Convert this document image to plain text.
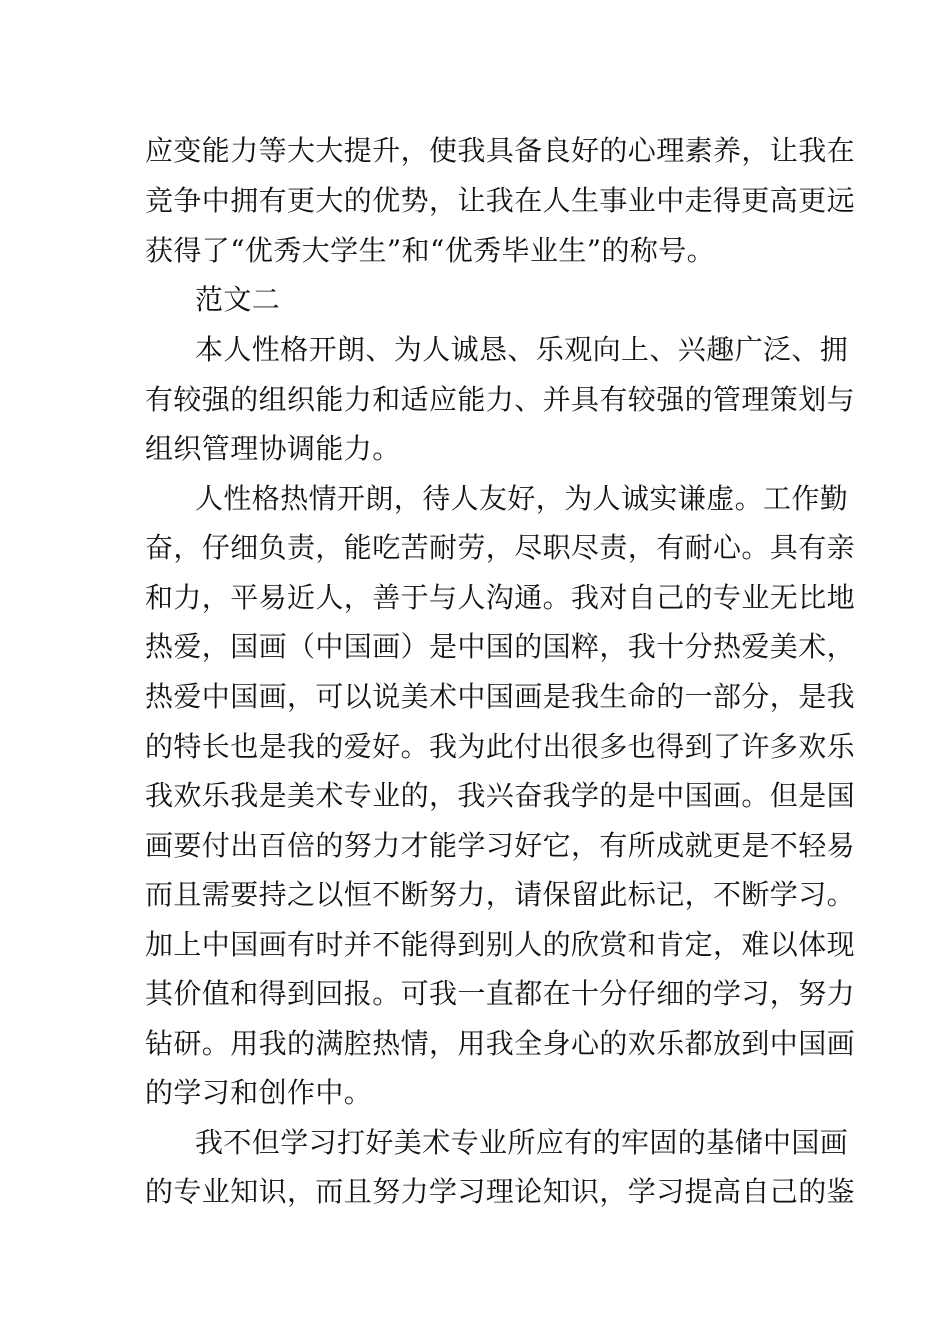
应变能力等大大提升，使我具备良好的心理素养，让我在
竞争中拥有更大的优势，让我在人生事业中走得更高更远
获得了“优秀大学生”和“优秀毕业生”的称号。
范文二
本人性格开朗、为人诚恳、乐观向上、兴趣广泛、拥
有较强的组织能力和适应能力、并具有较强的管理策划与
组织管理协调能力。
人性格热情开朗，待人友好，为人诚实谦虚。工作勤
奋，仔细负责，能吃苦耐劳，尽职尽责，有耐心。具有亲
和力，平易近人，善于与人沟通。我对自己的专业无比地
热爱，国画（中国画）是中国的国粹，我十分热爱美术，
热爱中国画，可以说美术中国画是我生命的一部分，是我
的特长也是我的爱好。我为此付出很多也得到了许多欢乐
我欢乐我是美术专业的，我兴奋我学的是中国画。但是国
画要付出百倍的努力才能学习好它，有所成就更是不轻易
而且需要持之以恒不断努力，请保留此标记，不断学习。
加上中国画有时并不能得到别人的欣赏和肯定，难以体现
其价值和得到回报。可我一直都在十分仔细的学习，努力
钻研。用我的满腔热情，用我全身心的欢乐都放到中国画
的学习和创作中。
我不但学习打好美术专业所应有的牢固的基储中国画
的专业知识，而且努力学习理论知识，学习提高自己的鉴
